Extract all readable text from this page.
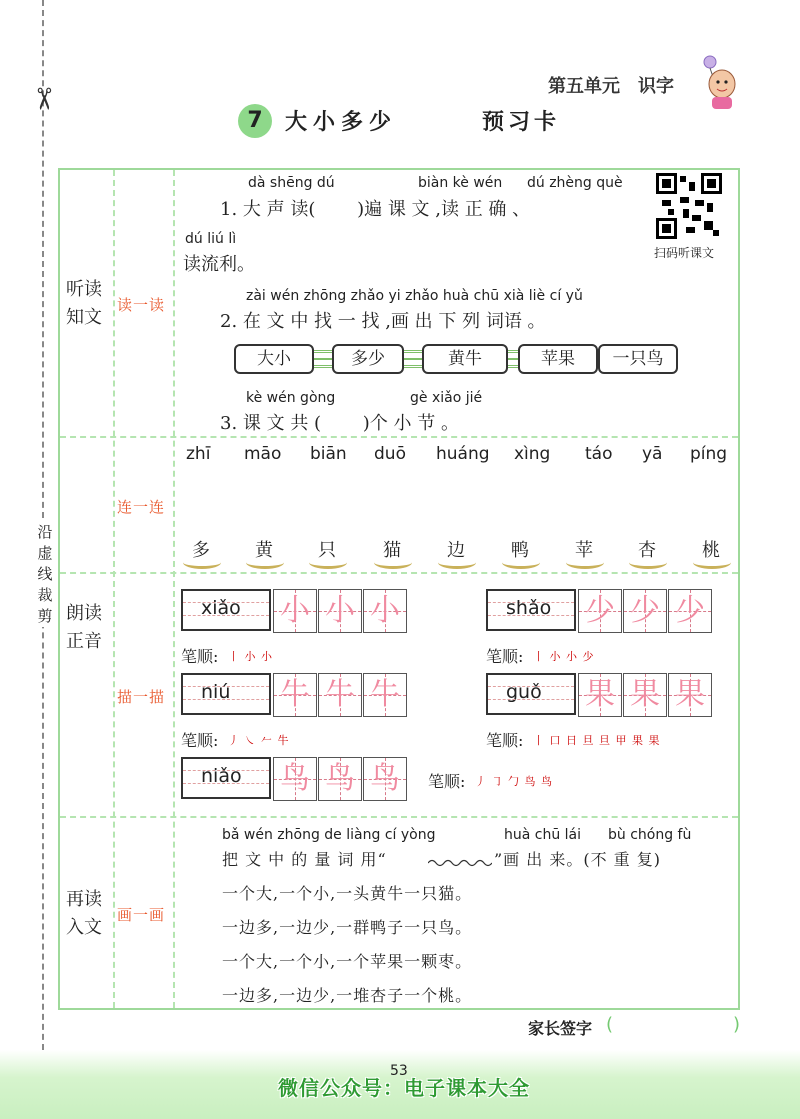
✂
沿虚线裁剪
第五单元　识字
7	大小多少	预习卡
听读
知文
读一读
连一连
朗读
正音
描一描
再读
入文
画一画
扫码听课文
dà shēng dú	biàn kè wén dú zhèng què
1. 大 声 读(　　 )遍 课 文 ,读 正 确 、
dú liú lì
读流利。
zài wén zhōng zhǎo yi zhǎo huà chū xià liè cí yǔ
2. 在 文 中 找 一 找 ,画 出 下 列 词语 。
大小	多少	黄牛	苹果	一只鸟
kè wén gòng	gè xiǎo jié
3. 课 文 共 (　　 )个 小 节 。
zhī māo biān duō huáng xìng táo yā píng
多	黄	只	猫	边	鸭	苹	杏	桃
xiǎo 小 小 小
笔顺: 丨 小 小
shǎo 少 少 少
笔顺: 丨 小 小 少
niú 牛 牛 牛
笔顺: 丿 ㇏ 𠂉 牛
guǒ 果 果 果
笔顺: 丨 口 日 旦 旦 甲 果 果
niǎo 鸟 鸟 鸟	笔顺: 丿 ㇆ 勹 鸟 鸟
bǎ wén zhōng de liàng cí yòng	huà chū lái bù chóng fù
把 文 中 的 量 词 用“	”画 出 来。(不 重 复)
一个大,一个小,一头黄牛一只猫。
一边多,一边少,一群鸭子一只鸟。
一个大,一个小,一个苹果一颗枣。
一边多,一边少,一堆杏子一个桃。
家长签字 (	)
53
微信公众号：电子课本大全
